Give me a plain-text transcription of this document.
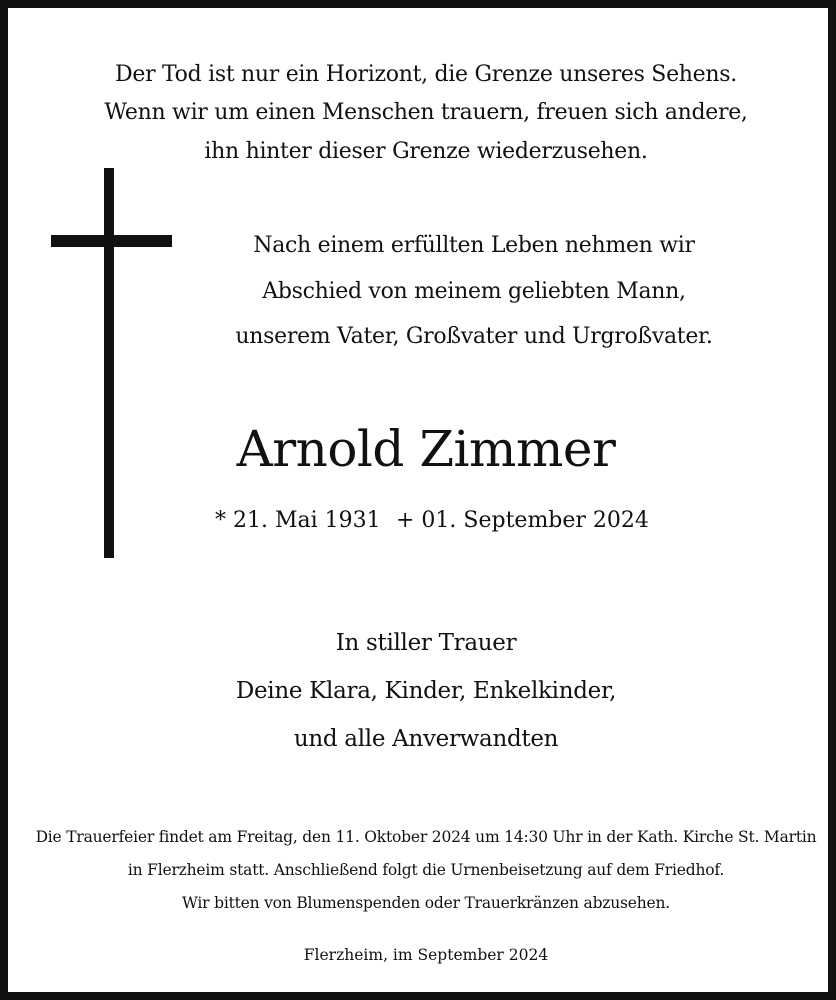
Der Tod ist nur ein Horizont, die Grenze unseres Sehens.
Wenn wir um einen Menschen trauern, freuen sich andere,
ihn hinter dieser Grenze wiederzusehen.
Nach einem erfüllten Leben nehmen wir
Abschied von meinem geliebten Mann,
unserem Vater, Großvater und Urgroßvater.
Arnold Zimmer
* 21. Mai 1931 + 01. September 2024
In stiller Trauer
Deine Klara, Kinder, Enkelkinder,
und alle Anverwandten
Die Trauerfeier findet am Freitag, den 11. Oktober 2024 um 14:30 Uhr in der Kath. Kirche St. Martin
in Flerzheim statt. Anschließend folgt die Urnenbeisetzung auf dem Friedhof.
Wir bitten von Blumenspenden oder Trauerkränzen abzusehen.
Flerzheim, im September 2024
